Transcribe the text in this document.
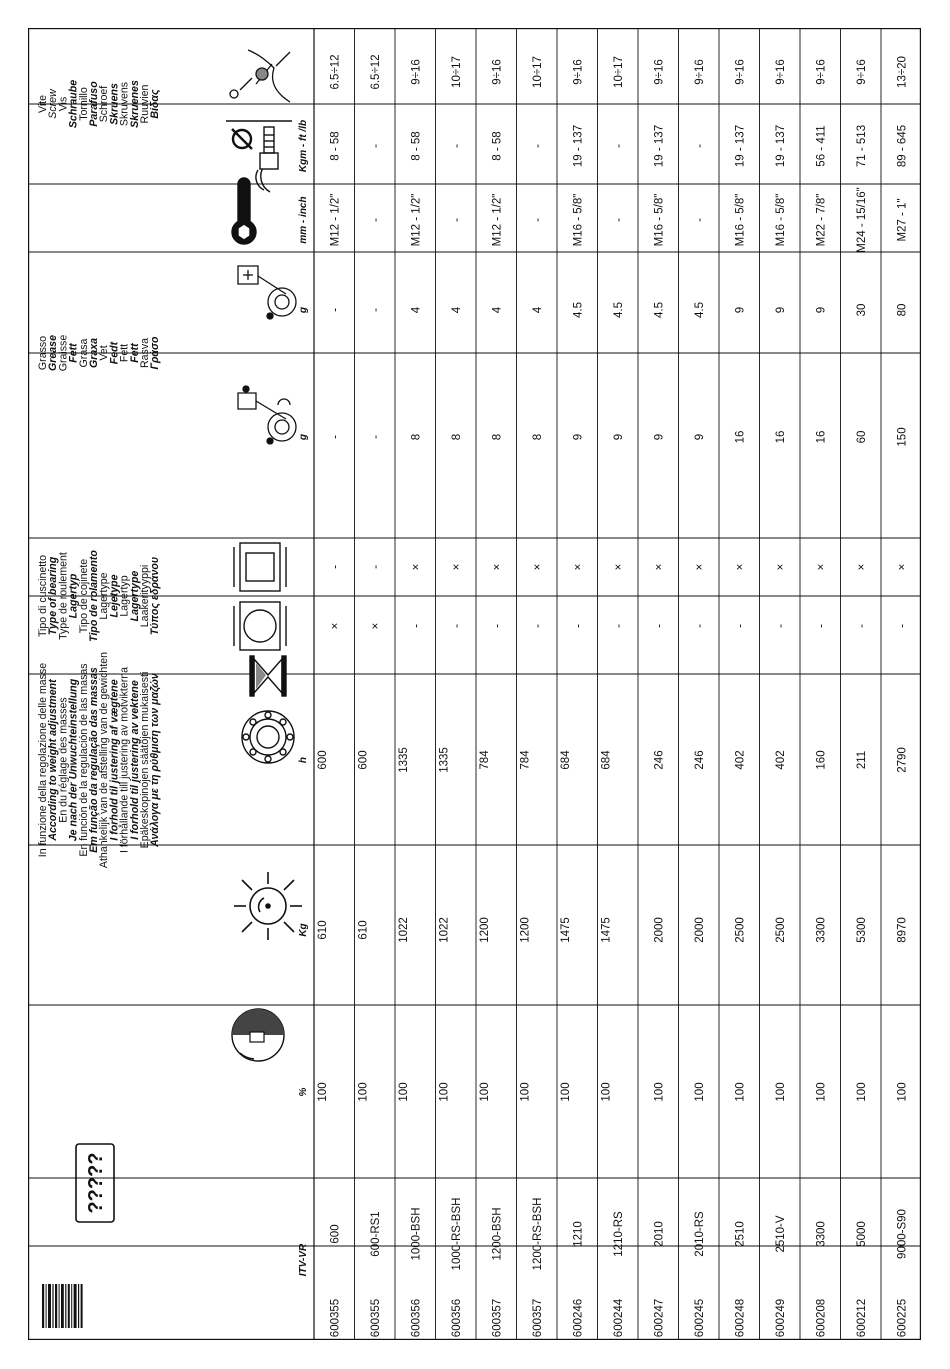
?????
In funzione della regolazione delle masse
According to weight adjustment
En du réglage des masses
Je nach der Unwuchteinstellung
En función de la regulación de las masas
Em função da regulação das massas
Athankelijk van de afstelling van de gewichten
I forhold til justering af vægtene
I förhållande till justering av motvikterna
I forhold til justering av vektene
Epäkeskopinojen säätöjen mukaisesti
Ανάλογα με τη ρύθμιση των μαζών
Tipo di cuscinetto
Type of bearing
Type de roulement
Lagertyp
Tipo de cojinete
Tipo de rolamento
Lagertype
Lejetype
Lagertyp
Lagertype
Laakerityyppi
Τύπος εδράνου
Grasso
Grease
Graisse
Fett
Grasa
Graxa
Vet
Fedt
Fett
Fett
Rasva
Γράσο
Vite
Screw
Vis
Schraube
Tornillo
Parafuso
Schroef
Skruens
Skruvens
Skruenes
Ruuvien
Βίδας
ITV-VR
%
Kg
h
g
g
mm - inch
Kgm - ft /lb
600355
600
100
610
600
×
-
-
-
M12 - 1/2"
8 - 58
6.5÷12
600355
600-RS1
100
610
600
×
-
-
-
-
-
6.5÷12
600356
1000-BSH
100
1022
1335
-
×
8
4
M12 - 1/2"
8 - 58
9÷16
600356
1000-RS-BSH
100
1022
1335
-
×
8
4
-
-
10÷17
600357
1200-BSH
100
1200
784
-
×
8
4
M12 - 1/2"
8 - 58
9÷16
600357
1200-RS-BSH
100
1200
784
-
×
8
4
-
-
10÷17
600246
1210
100
1475
684
-
×
9
4.5
M16 - 5/8"
19 - 137
9÷16
600244
1210-RS
100
1475
684
-
×
9
4.5
-
-
10÷17
600247
2010
100
2000
246
-
×
9
4.5
M16 - 5/8"
19 - 137
9÷16
600245
2010-RS
100
2000
246
-
×
9
4.5
-
-
9÷16
600248
2510
100
2500
402
-
×
16
9
M16 - 5/8"
19 - 137
9÷16
600249
2510-V
100
2500
402
-
×
16
9
M16 - 5/8"
19 - 137
9÷16
600208
3300
100
3300
160
-
×
16
9
M22 - 7/8"
56 - 411
9÷16
600212
5000
100
5300
211
-
×
60
30
M24 - 15/16"
71 - 513
9÷16
600225
9000-S90
100
8970
2790
-
×
150
80
M27 - 1"
89 - 645
13÷20
